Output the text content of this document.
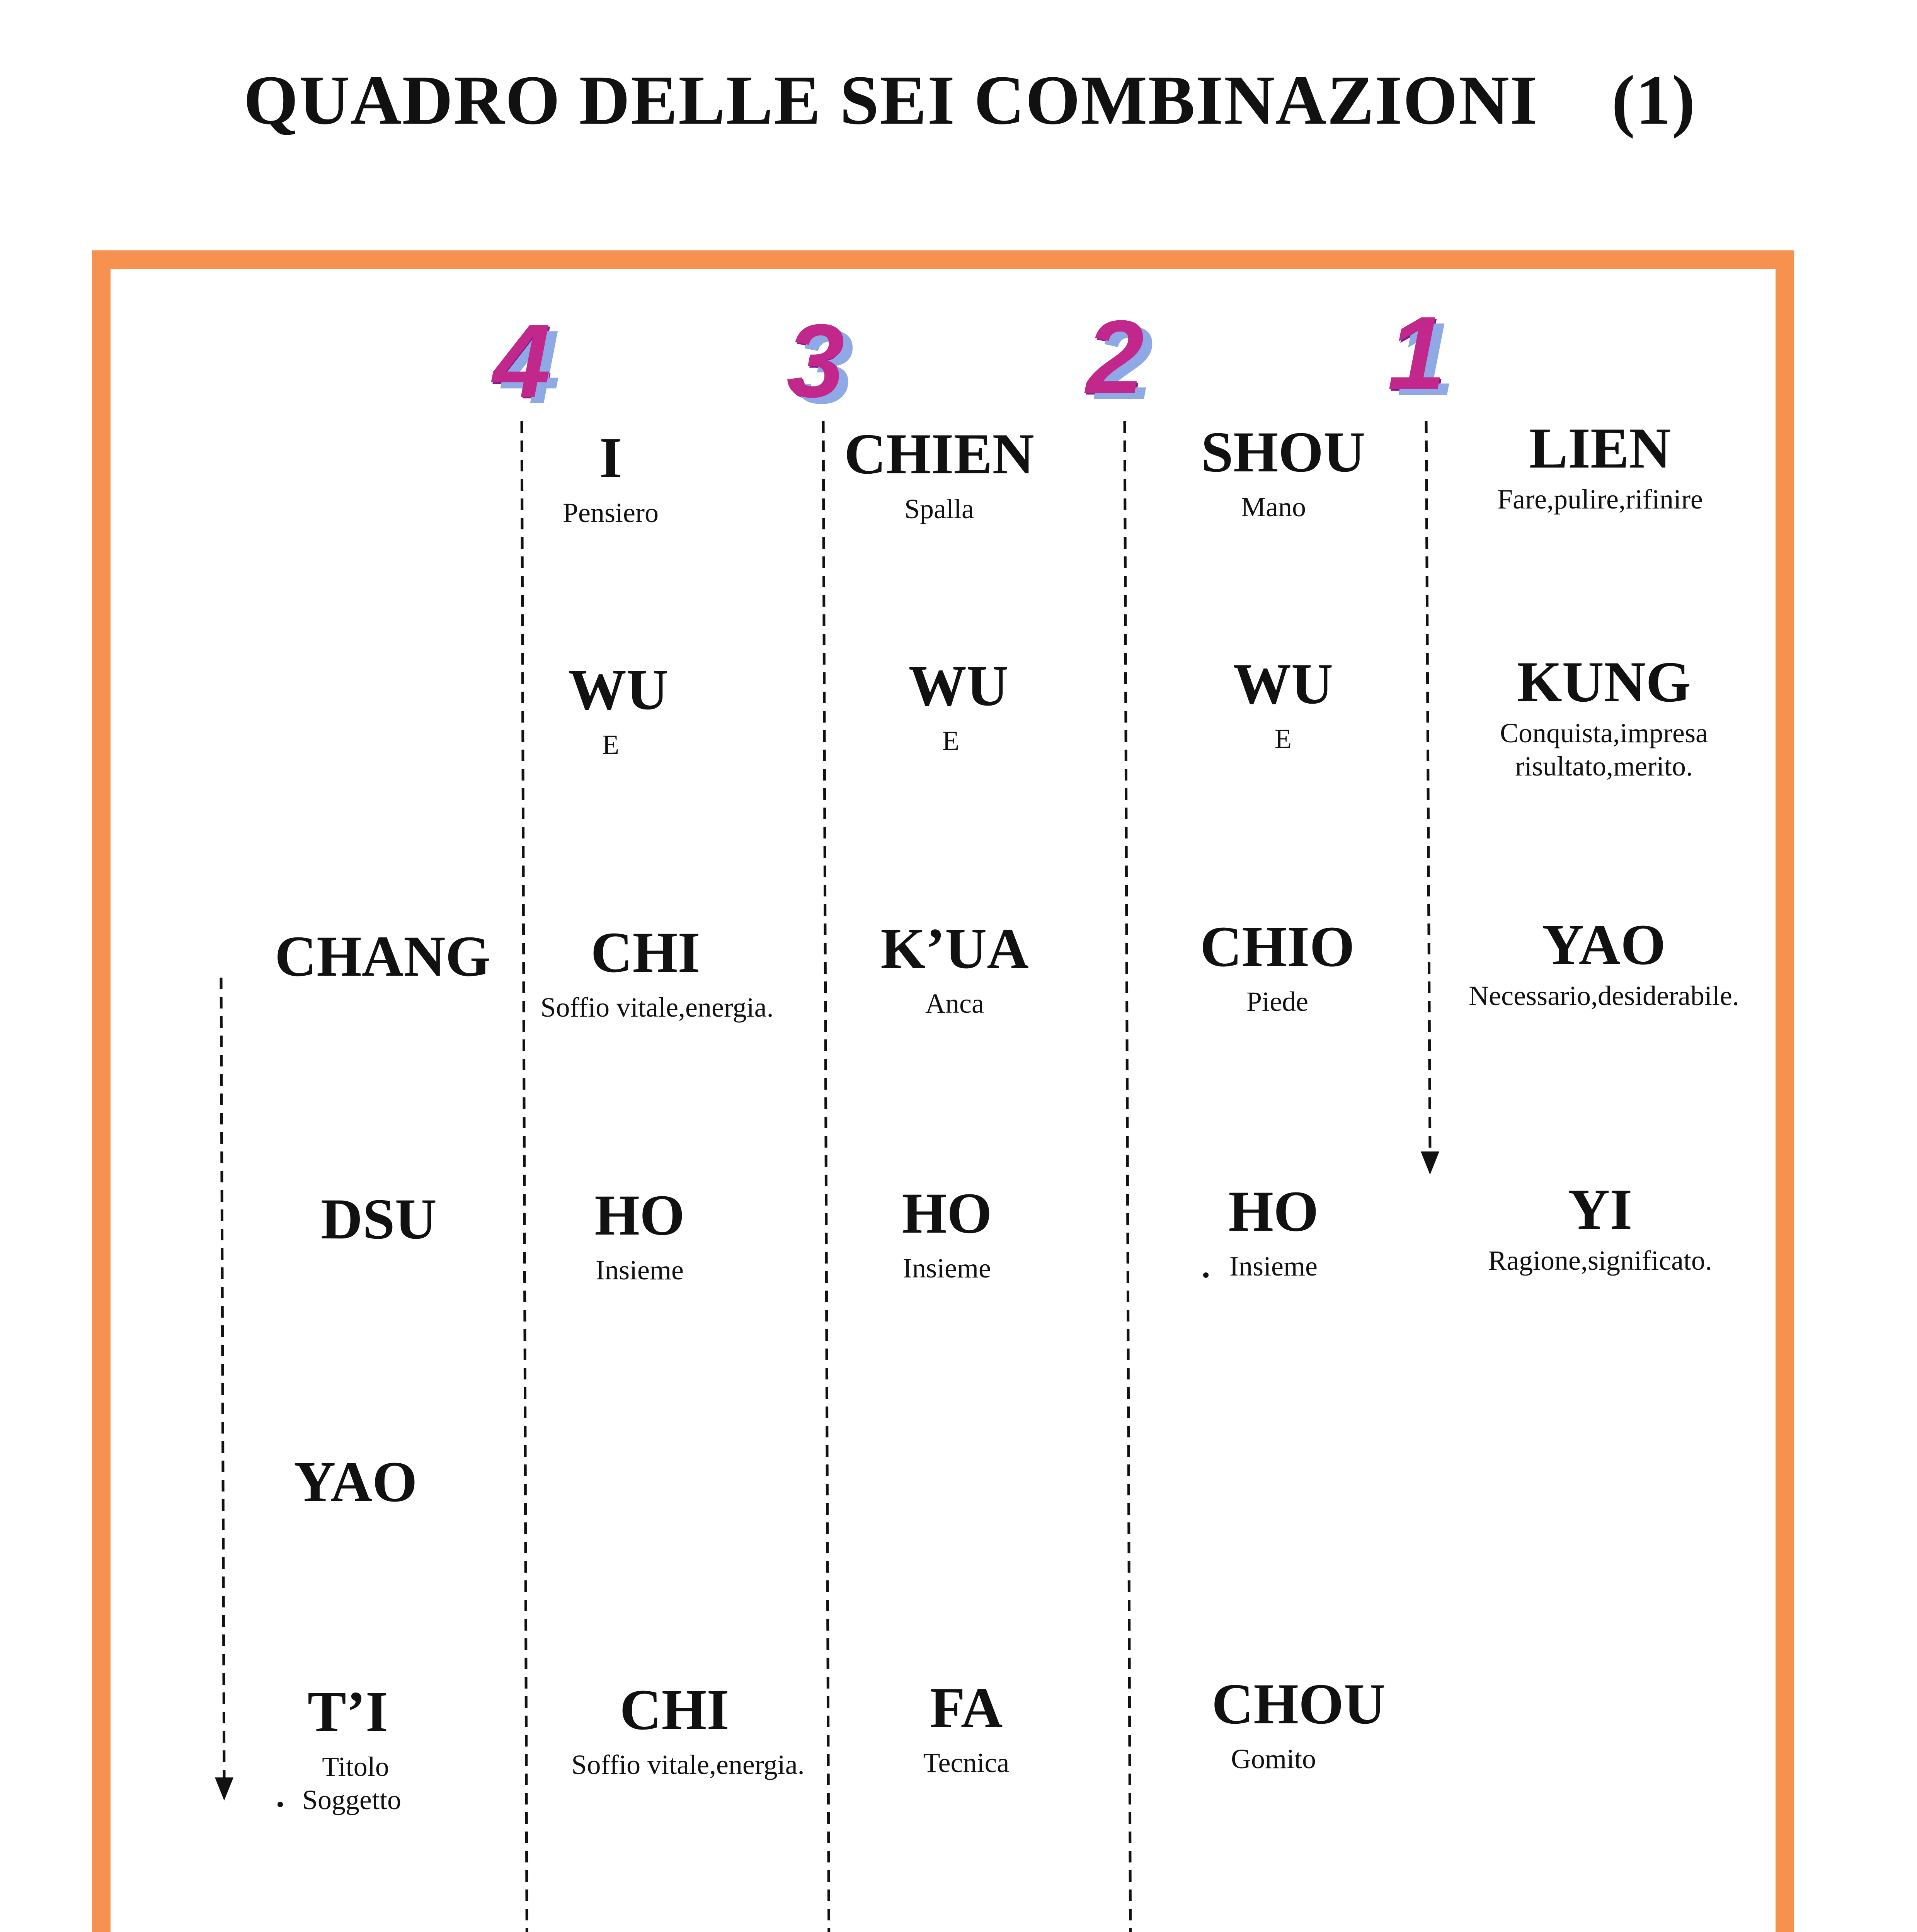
QUADRO DELLE SEI COMBINAZIONI (1)
4 3 2 1
I
Pensiero
WU
E
CHI
Soffio vitale,energia.
HO
Insieme
CHI
Soffio vitale,energia.
CHIEN
Spalla
WU
E
K’UA
Anca
HO
Insieme
FA
Tecnica
SHOU
Mano
WU
E
CHIO
Piede
HO
Insieme
CHOU
Gomito
LIEN
Fare,pulire,rifinire
KUNG
Conquista,impresa
risultato,merito.
YAO
Necessario,desiderabile.
YI
Ragione,significato.
CHANG
DSU
YAO
T’I
Titolo
Soggetto
